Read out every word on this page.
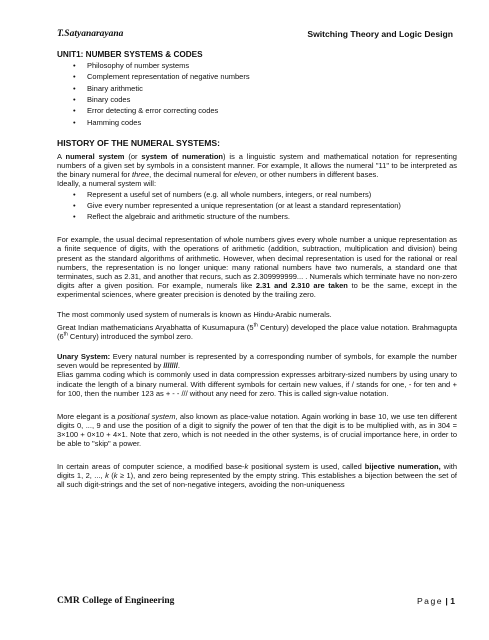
T.Satyanarayana	Switching Theory and Logic Design
UNIT1: NUMBER SYSTEMS & CODES
• Philosophy of number systems
• Complement representation of negative numbers
• Binary arithmetic
• Binary codes
• Error detecting & error correcting codes
• Hamming codes
HISTORY OF THE NUMERAL SYSTEMS:

A numeral system (or system of numeration) is a linguistic system and mathematical notation for representing numbers of a given set by symbols in a consistent manner. For example, It allows the numeral "11" to be interpreted as the binary numeral for three, the decimal numeral for eleven, or other numbers in different bases.

Ideally, a numeral system will:

• Represent a useful set of numbers (e.g. all whole numbers, integers, or real numbers)
• Give every number represented a unique representation (or at least a standard representation)
• Reflect the algebraic and arithmetic structure of the numbers.

For example, the usual decimal representation of whole numbers gives every whole number a unique representation as a finite sequence of digits, with the operations of arithmetic (addition, subtraction, multiplication and division) being present as the standard algorithms of arithmetic. However, when decimal representation is used for the rational or real numbers, the representation is no longer unique: many rational numbers have two numerals, a standard one that terminates, such as 2.31, and another that recurs, such as 2.309999999... . Numerals which terminate have no non-zero digits after a given position. For example, numerals like 2.31 and 2.310 are taken to be the same, except in the experimental sciences, where greater precision is denoted by the trailing zero.

The most commonly used system of numerals is known as Hindu-Arabic numerals.

Great Indian mathematicians Aryabhatta of Kusumapura (5th Century) developed the place value notation. Brahmagupta (6th Century) introduced the symbol zero.

Unary System: Every natural number is represented by a corresponding number of symbols, for example the number seven would be represented by ///////.

Elias gamma coding which is commonly used in data compression expresses arbitrary-sized numbers by using unary to indicate the length of a binary numeral. With different symbols for certain new values, if / stands for one, - for ten and + for 100, then the number 123 as + - - /// without any need for zero. This is called sign-value notation.

More elegant is a positional system, also known as place-value notation. Again working in base 10, we use ten different digits 0, ..., 9 and use the position of a digit to signify the power of ten that the digit is to be multiplied with, as in 304 = 3×100 + 0×10 + 4×1. Note that zero, which is not needed in the other systems, is of crucial importance here, in order to be able to "skip" a power.

In certain areas of computer science, a modified base-k positional system is used, called bijective numeration, with digits 1, 2, ..., k (k ≥ 1), and zero being represented by the empty string. This establishes a bijection between the set of all such digit-strings and the set of non-negative integers, avoiding the non-uniqueness

CMR College of Engineering	Page | 1
